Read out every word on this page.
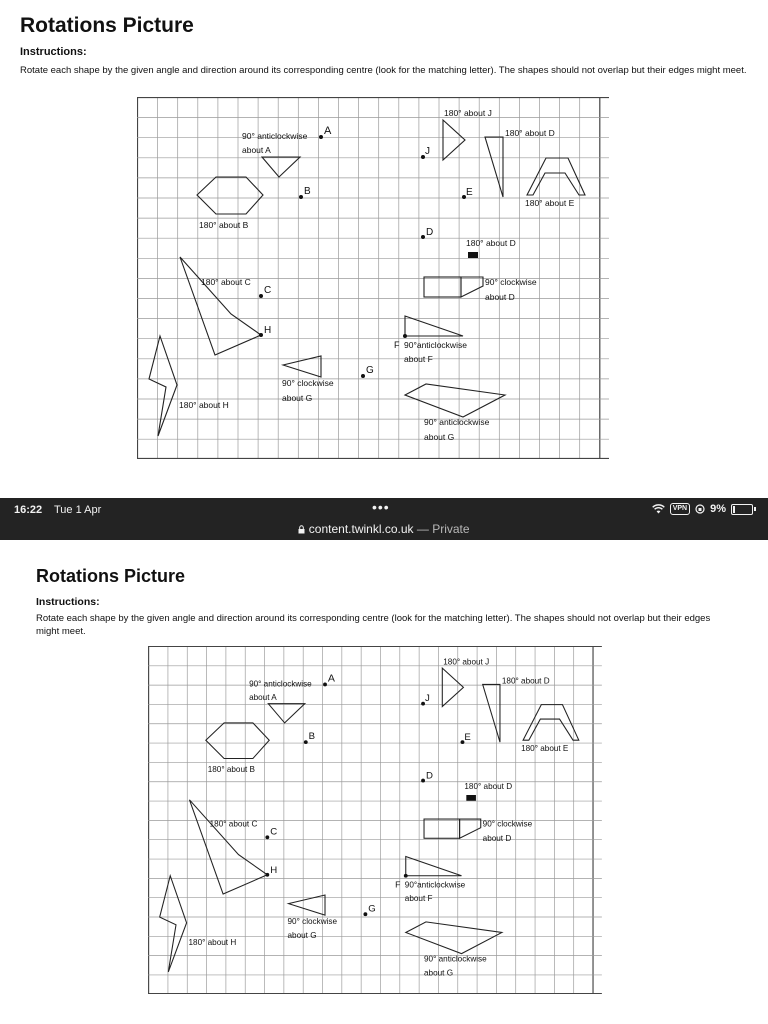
Rotations Picture
Instructions:
Rotate each shape by the given angle and direction around its corresponding centre (look for the matching letter). The shapes should not overlap but their edges might meet.
A
B
C
D
E
F
G
H
J
180° about J
180° about D
90° anticlockwise
about A
180° about E
180° about B
180° about D
180° about C	90° clockwise
about D
90°anticlockwise
about F
90° clockwise
about G
180° about H
90° anticlockwise
about G
16:22 Tue 1 Apr	•••	VPN 9%
content.twinkl.co.uk — Private
Rotations Picture
Instructions:
Rotate each shape by the given angle and direction around its corresponding centre (look for the matching letter). The shapes should not overlap but their edges might meet.
A
B
C
D
E
F
G
H
J
180° about J
180° about D
90° anticlockwise
about A
180° about E
180° about B
180° about D
180° about C	90° clockwise
about D
90°anticlockwise
about F
90° clockwise
about G
180° about H
90° anticlockwise
about G
